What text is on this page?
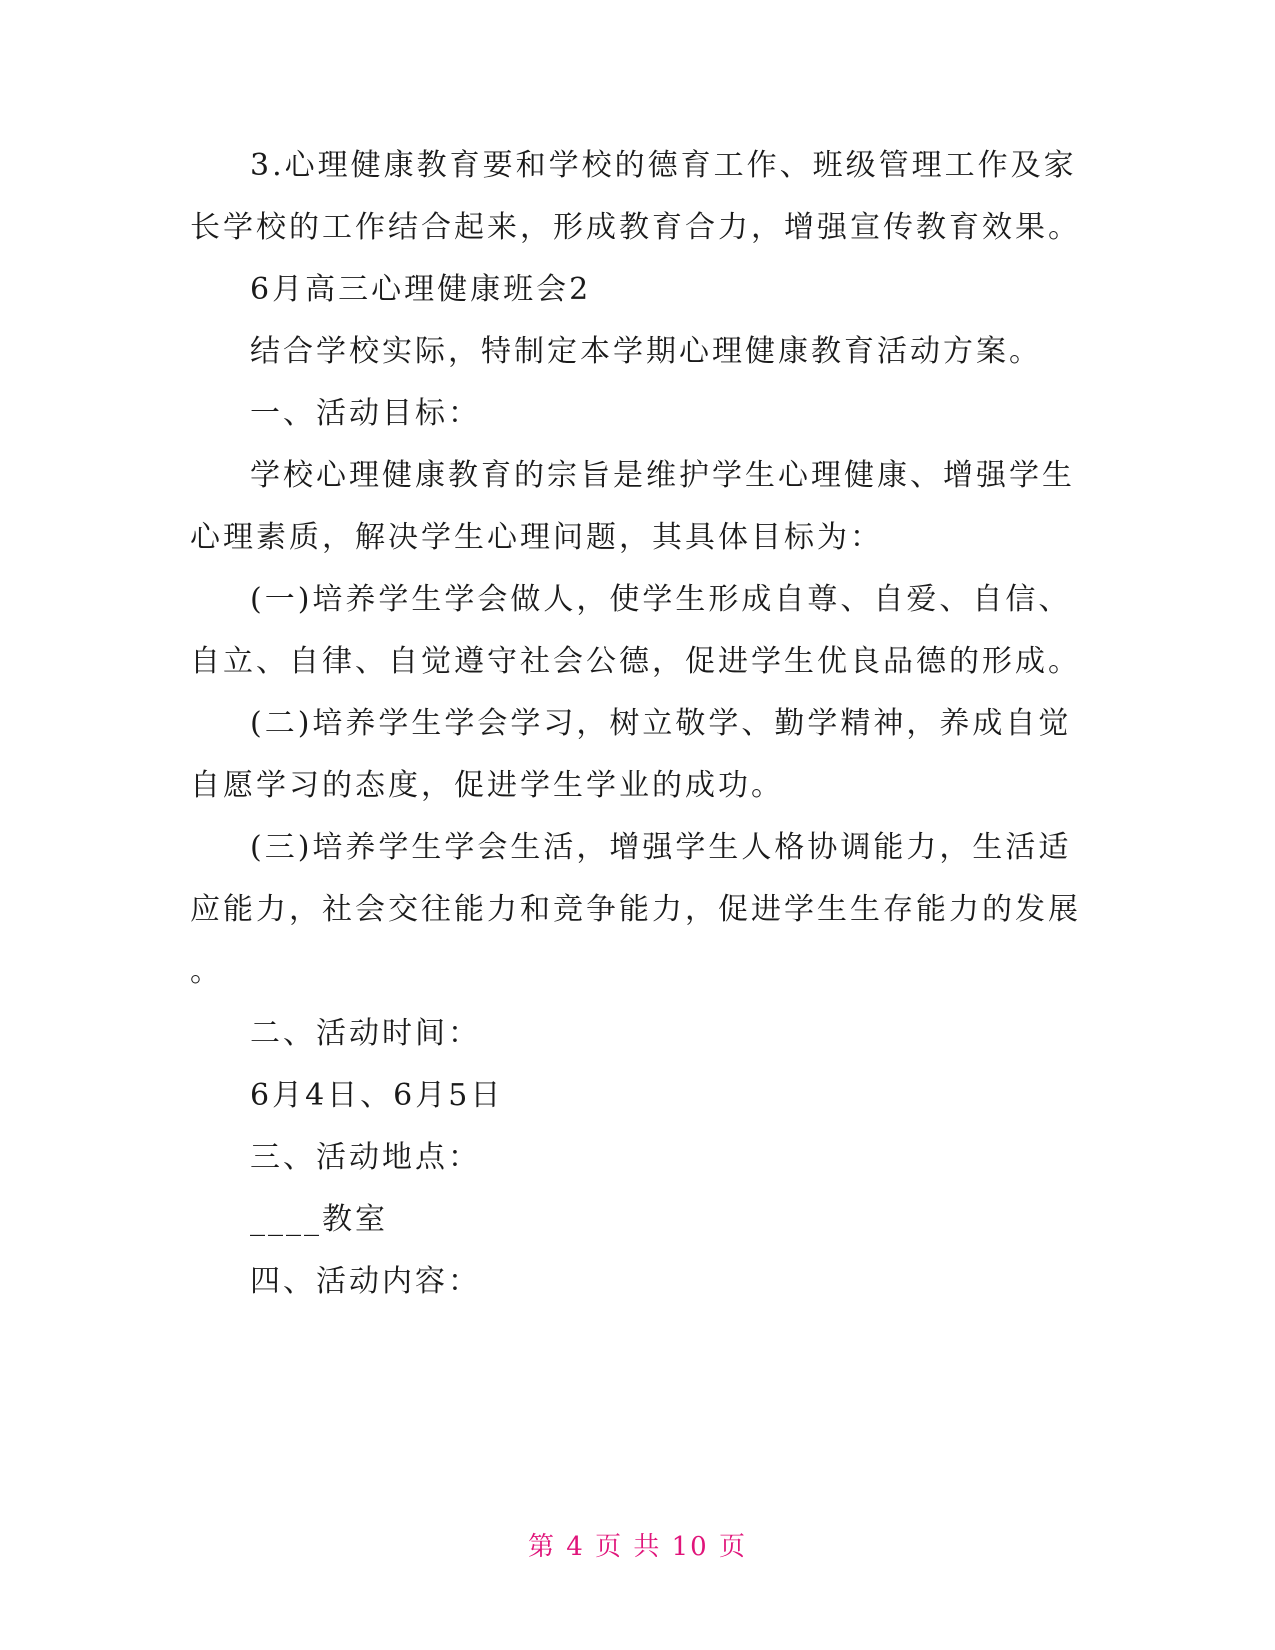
3.心理健康教育要和学校的德育工作、班级管理工作及家
长学校的工作结合起来，形成教育合力，增强宣传教育效果。
6月高三心理健康班会2
结合学校实际，特制定本学期心理健康教育活动方案。
一、活动目标：
学校心理健康教育的宗旨是维护学生心理健康、增强学生
心理素质，解决学生心理问题，其具体目标为：
(一)培养学生学会做人，使学生形成自尊、自爱、自信、
自立、自律、自觉遵守社会公德，促进学生优良品德的形成。
(二)培养学生学会学习，树立敬学、勤学精神，养成自觉
自愿学习的态度，促进学生学业的成功。
(三)培养学生学会生活，增强学生人格协调能力，生活适
应能力，社会交往能力和竞争能力，促进学生生存能力的发展
。
二、活动时间：
6月4日、6月5日
三、活动地点：
____教室
四、活动内容：
第 4 页 共 10 页
